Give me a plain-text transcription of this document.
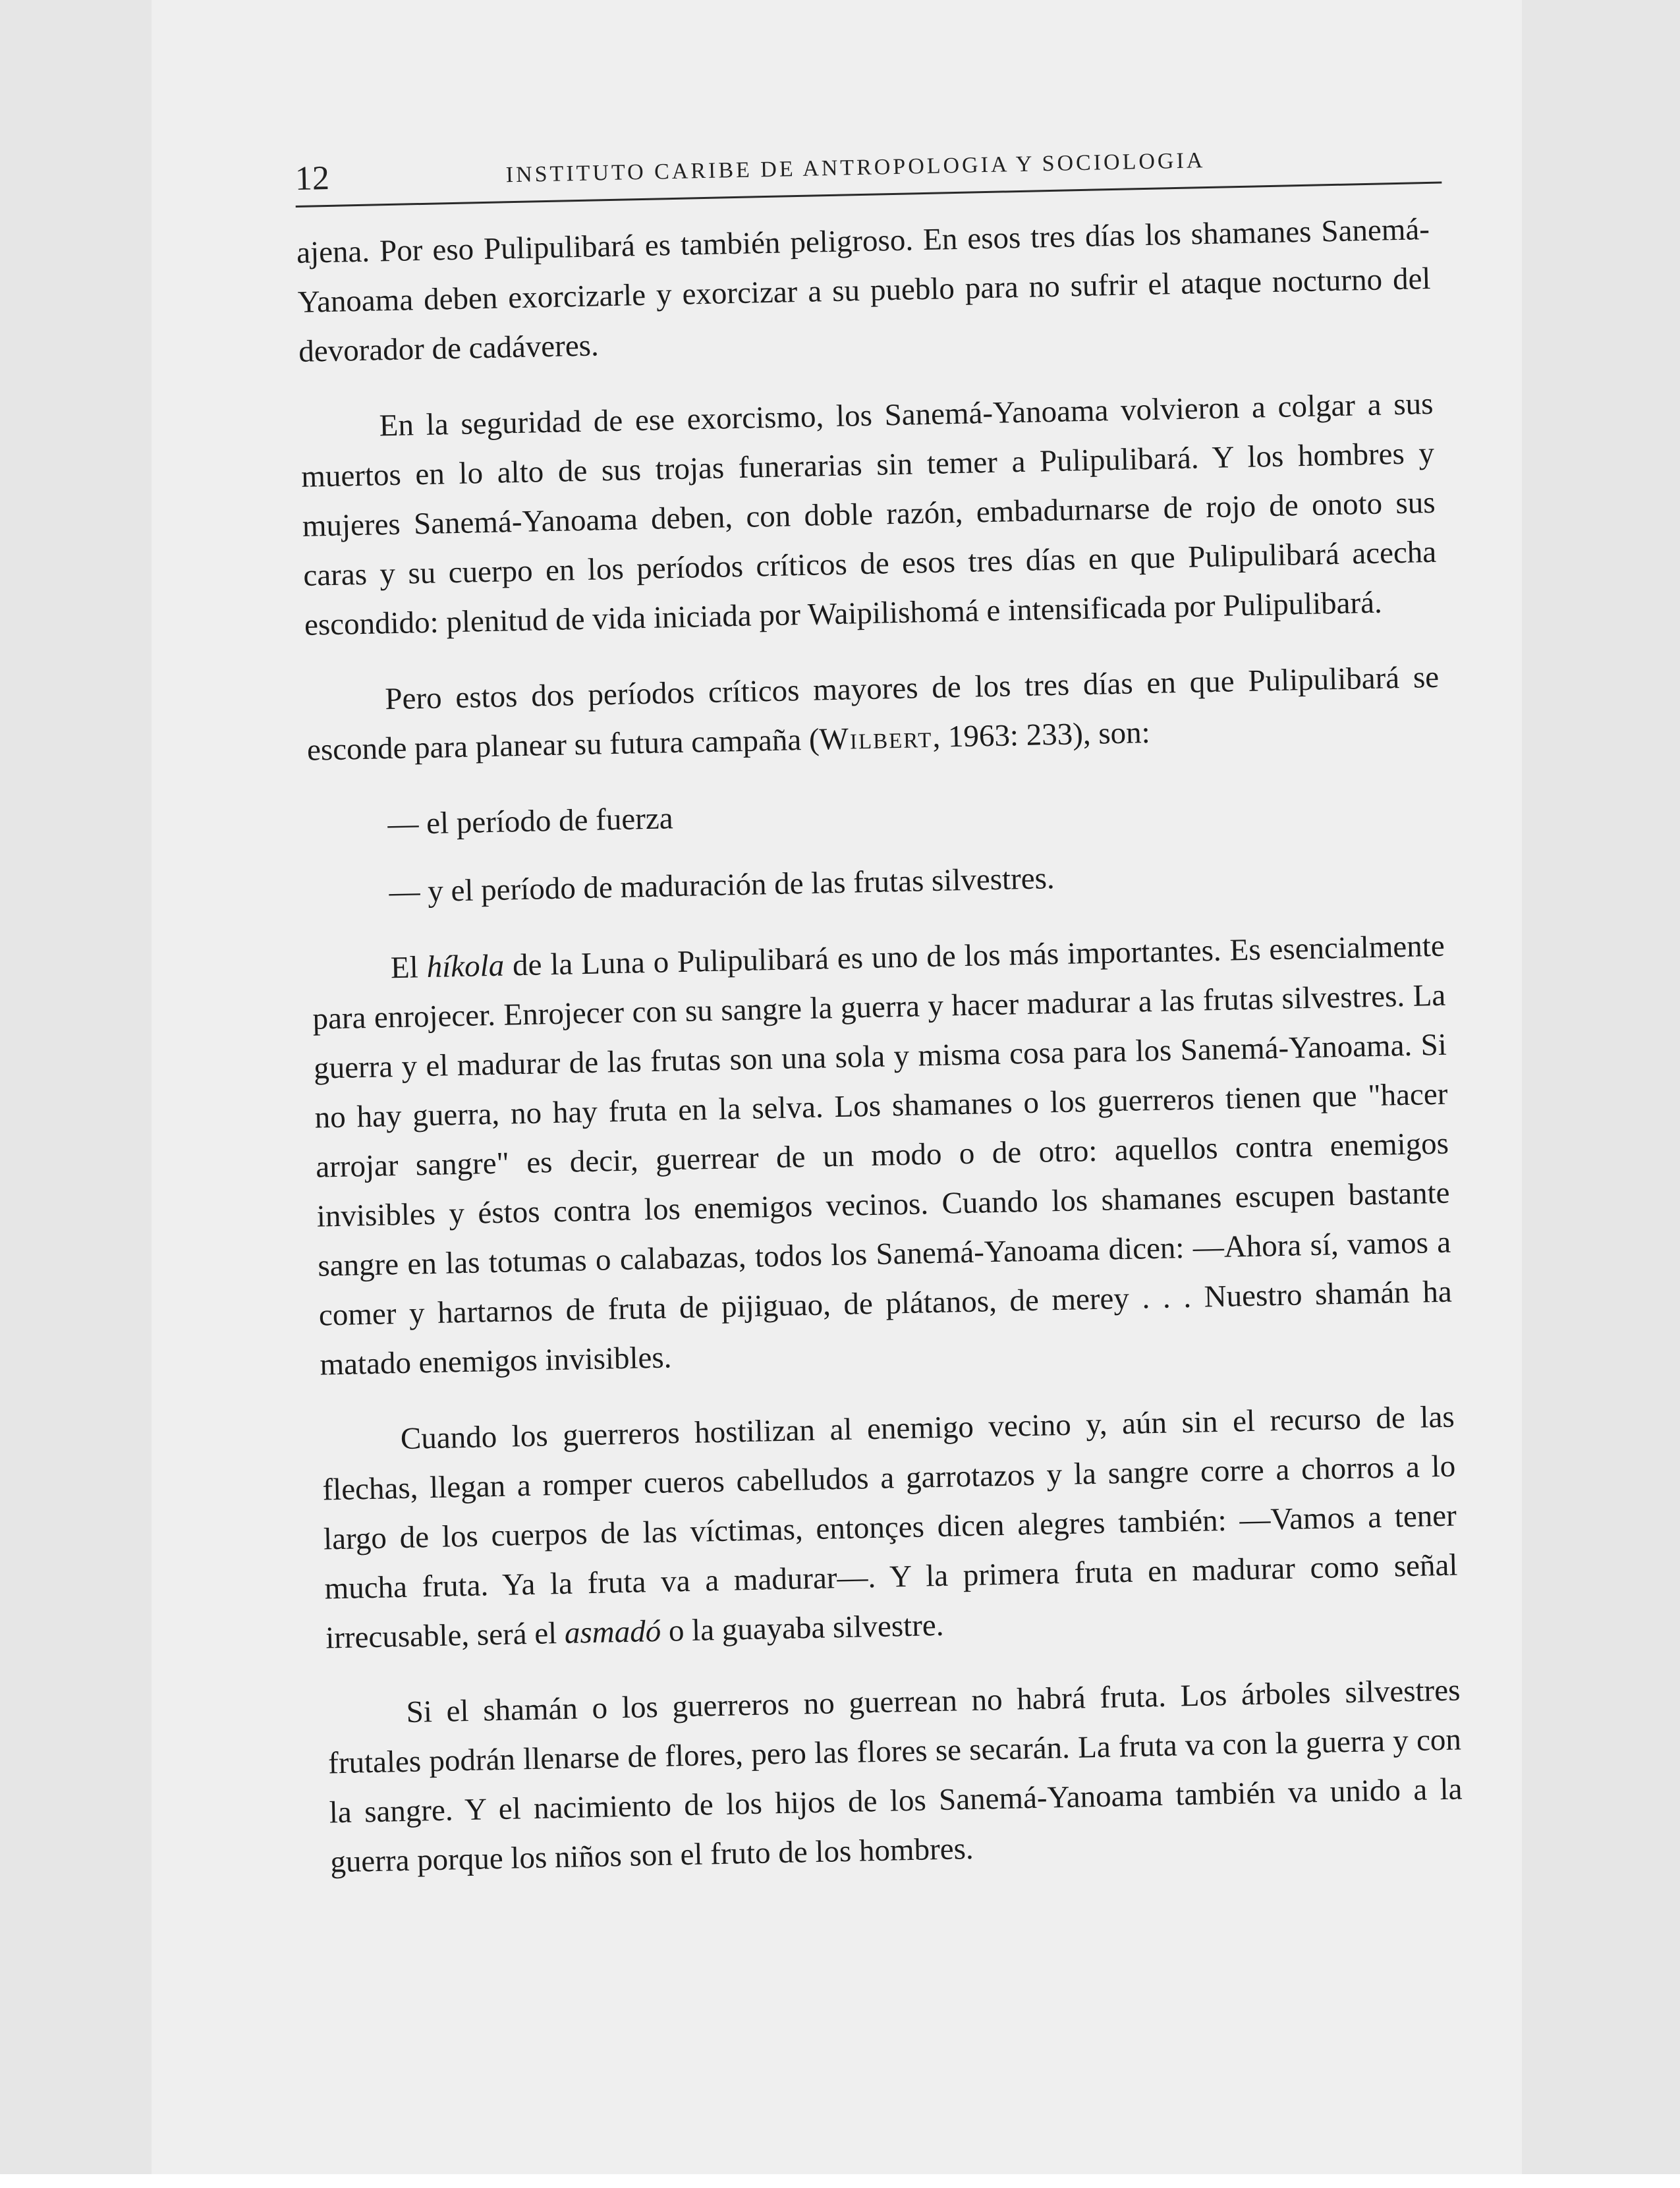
12	INSTITUTO CARIBE DE ANTROPOLOGIA Y SOCIOLOGIA

ajena. Por eso Pulipulibará es también peligroso. En esos tres días los shamanes Sanemá-Yanoama deben exorcizarle y exorcizar a su pueblo para no sufrir el ataque nocturno del devorador de cadáveres.

En la seguridad de ese exorcismo, los Sanemá-Yanoama volvieron a colgar a sus muertos en lo alto de sus trojas funerarias sin temer a Pulipulibará. Y los hombres y mujeres Sanemá-Yanoama deben, con doble razón, embadurnarse de rojo de onoto sus caras y su cuerpo en los períodos críticos de esos tres días en que Pulipulibará acecha escondido: plenitud de vida iniciada por Waipilishomá e intensificada por Pulipulibará.

Pero estos dos períodos críticos mayores de los tres días en que Pulipulibará se esconde para planear su futura campaña (Wilbert, 1963: 233), son:

— el período de fuerza
— y el período de maduración de las frutas silvestres.

El híkola de la Luna o Pulipulibará es uno de los más importantes. Es esencialmente para enrojecer. Enrojecer con su sangre la guerra y hacer madurar a las frutas silvestres. La guerra y el madurar de las frutas son una sola y misma cosa para los Sanemá-Yanoama. Si no hay guerra, no hay fruta en la selva. Los shamanes o los guerreros tienen que "hacer arrojar sangre" es decir, guerrear de un modo o de otro: aquellos contra enemigos invisibles y éstos contra los enemigos vecinos. Cuando los shamanes escupen bastante sangre en las totumas o calabazas, todos los Sanemá-Yanoama dicen: —Ahora sí, vamos a comer y hartarnos de fruta de pijiguao, de plátanos, de merey . . . Nuestro shamán ha matado enemigos invisibles.

Cuando los guerreros hostilizan al enemigo vecino y, aún sin el recurso de las flechas, llegan a romper cueros cabelludos a garrotazos y la sangre corre a chorros a lo largo de los cuerpos de las víctimas, entonçes dicen alegres también: —Vamos a tener mucha fruta. Ya la fruta va a madurar—. Y la primera fruta en madurar como señal irrecusable, será el asmadó o la guayaba silvestre.

Si el shamán o los guerreros no guerrean no habrá fruta. Los árboles silvestres frutales podrán llenarse de flores, pero las flores se secarán. La fruta va con la guerra y con la sangre. Y el nacimiento de los hijos de los Sanemá-Yanoama también va unido a la guerra porque los niños son el fruto de los hombres.
